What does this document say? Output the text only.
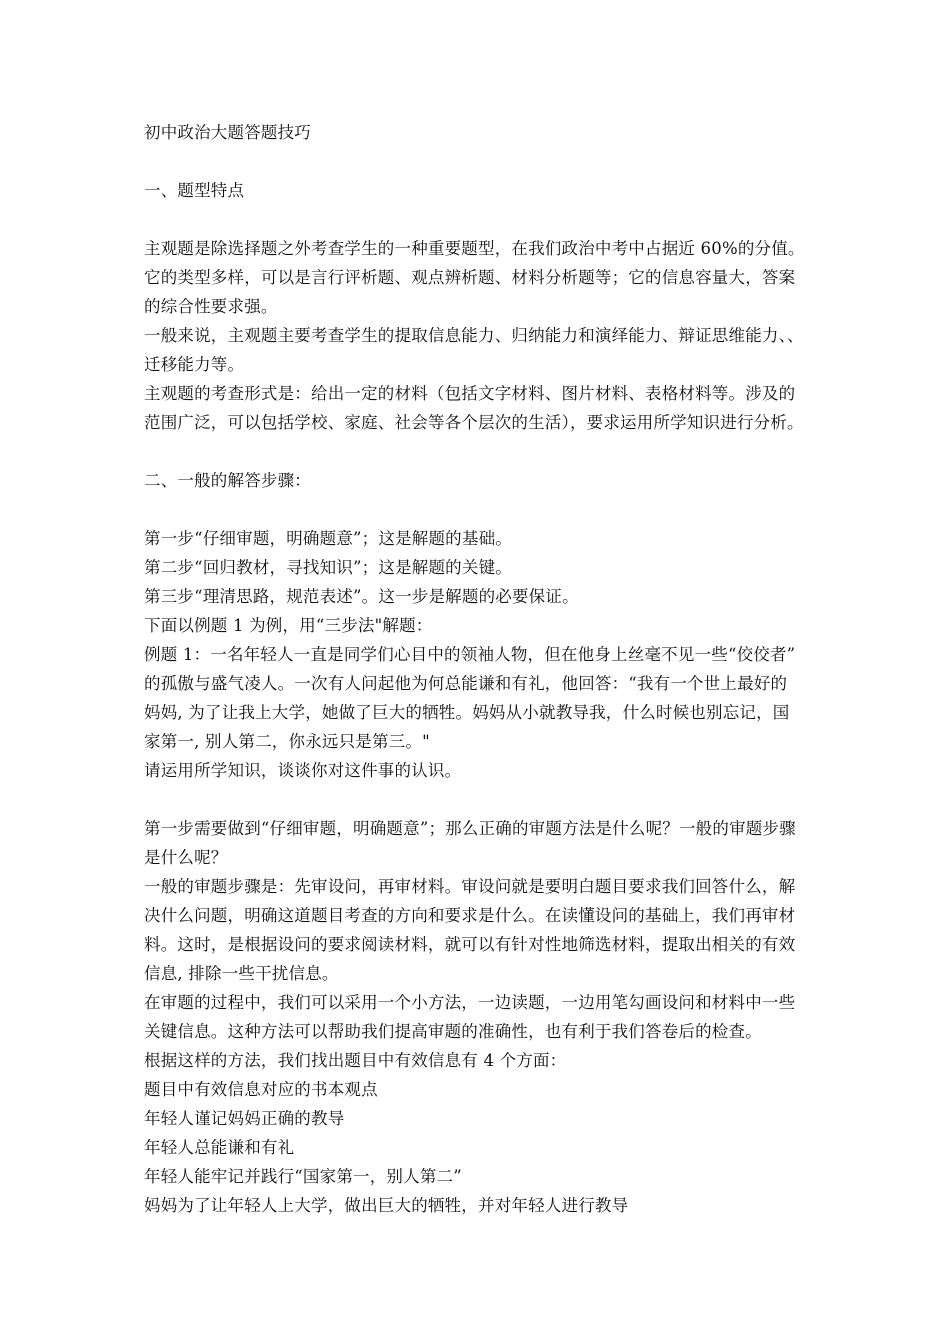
初中政治大题答题技巧
一、题型特点
主观题是除选择题之外考查学生的一种重要题型，在我们政治中考中占据近 60%的分值。
它的类型多样，可以是言行评析题、观点辨析题、材料分析题等；它的信息容量大，答案
的综合性要求强。
一般来说，主观题主要考查学生的提取信息能力、归纳能力和演绎能力、辩证思维能力、、
迁移能力等。
主观题的考查形式是：给出一定的材料（包括文字材料、图片材料、表格材料等。涉及的
范围广泛，可以包括学校、家庭、社会等各个层次的生活），要求运用所学知识进行分析。
二、一般的解答步骤：
第一步“仔细审题，明确题意”；这是解题的基础。
第二步“回归教材，寻找知识”；这是解题的关键。
第三步“理清思路，规范表述”。这一步是解题的必要保证。
下面以例题 1 为例，用“三步法"解题：
例题 1：一名年轻人一直是同学们心目中的领袖人物，但在他身上丝毫不见一些“佼佼者”
的孤傲与盛气凌人。一次有人问起他为何总能谦和有礼，他回答：“我有一个世上最好的
妈妈, 为了让我上大学，她做了巨大的牺牲。妈妈从小就教导我，什么时候也别忘记，国
家第一, 别人第二，你永远只是第三。"
请运用所学知识，谈谈你对这件事的认识。
第一步需要做到“仔细审题，明确题意”；那么正确的审题方法是什么呢？一般的审题步骤
是什么呢？
一般的审题步骤是：先审设问，再审材料。审设问就是要明白题目要求我们回答什么，解
决什么问题，明确这道题目考查的方向和要求是什么。在读懂设问的基础上，我们再审材
料。这时，是根据设问的要求阅读材料，就可以有针对性地筛选材料，提取出相关的有效
信息, 排除一些干扰信息。
在审题的过程中，我们可以采用一个小方法，一边读题，一边用笔勾画设问和材料中一些
关键信息。这种方法可以帮助我们提高审题的准确性，也有利于我们答卷后的检查。
根据这样的方法，我们找出题目中有效信息有 4 个方面：
题目中有效信息对应的书本观点
年轻人谨记妈妈正确的教导
年轻人总能谦和有礼
年轻人能牢记并践行“国家第一，别人第二”
妈妈为了让年轻人上大学，做出巨大的牺牲，并对年轻人进行教导
